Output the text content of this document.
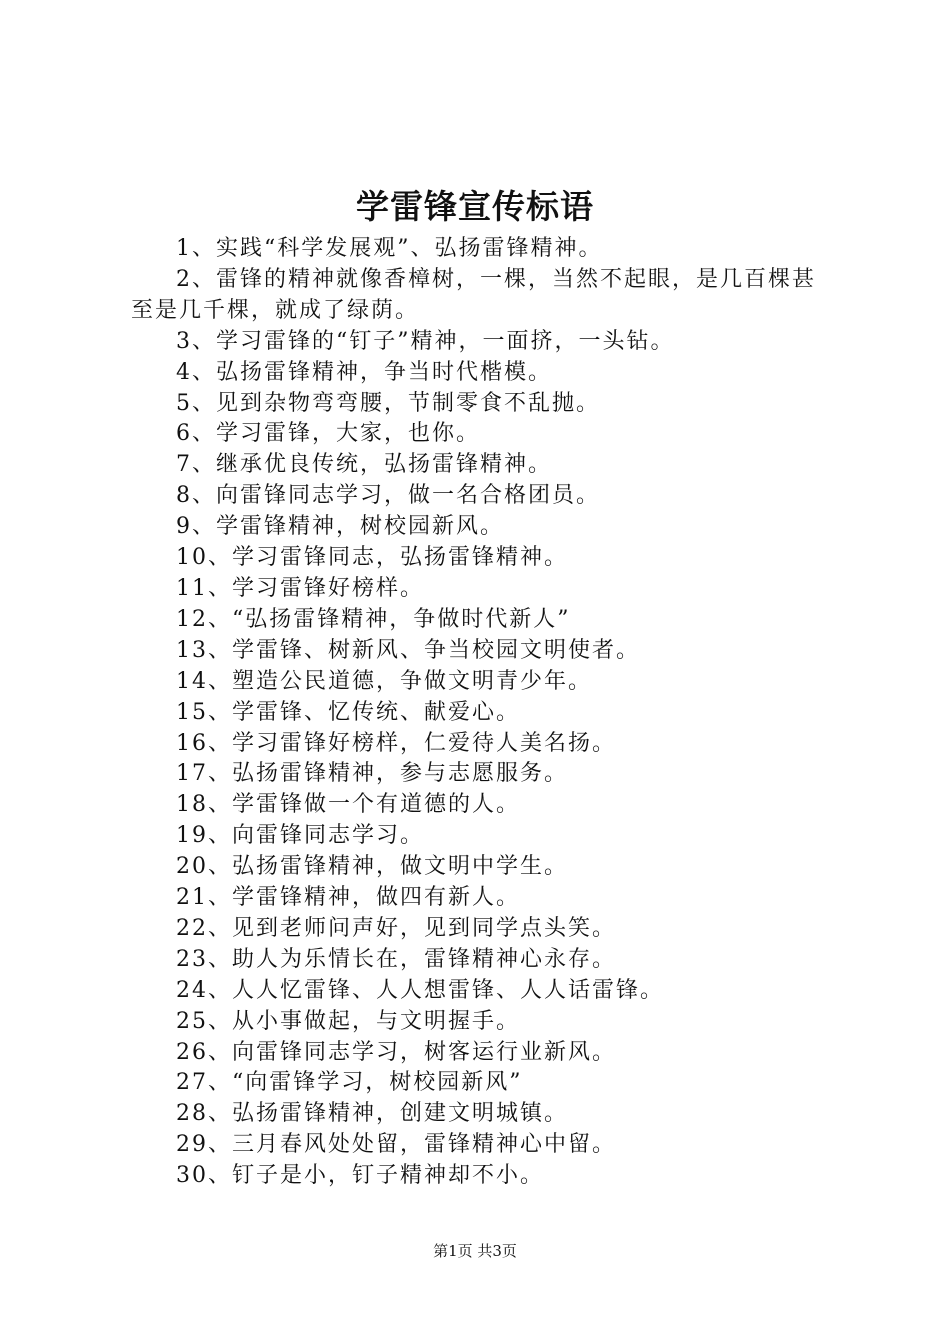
学雷锋宣传标语

1、实践“科学发展观”、弘扬雷锋精神。

2、雷锋的精神就像香樟树，一棵，当然不起眼，是几百棵甚至是几千棵，就成了绿荫。

3、学习雷锋的“钉子”精神，一面挤，一头钻。

4、弘扬雷锋精神，争当时代楷模。

5、见到杂物弯弯腰，节制零食不乱抛。

6、学习雷锋，大家，也你。

7、继承优良传统，弘扬雷锋精神。

8、向雷锋同志学习，做一名合格团员。

9、学雷锋精神，树校园新风。

10、学习雷锋同志，弘扬雷锋精神。

11、学习雷锋好榜样。

12、“弘扬雷锋精神，争做时代新人”

13、学雷锋、树新风、争当校园文明使者。

14、塑造公民道德，争做文明青少年。

15、学雷锋、忆传统、献爱心。

16、学习雷锋好榜样，仁爱待人美名扬。

17、弘扬雷锋精神，参与志愿服务。

18、学雷锋做一个有道德的人。

19、向雷锋同志学习。

20、弘扬雷锋精神，做文明中学生。

21、学雷锋精神，做四有新人。

22、见到老师问声好，见到同学点头笑。

23、助人为乐情长在，雷锋精神心永存。

24、人人忆雷锋、人人想雷锋、人人话雷锋。

25、从小事做起，与文明握手。

26、向雷锋同志学习，树客运行业新风。

27、“向雷锋学习，树校园新风”

28、弘扬雷锋精神，创建文明城镇。

29、三月春风处处留，雷锋精神心中留。

30、钉子是小，钉子精神却不小。

第1页 共3页
